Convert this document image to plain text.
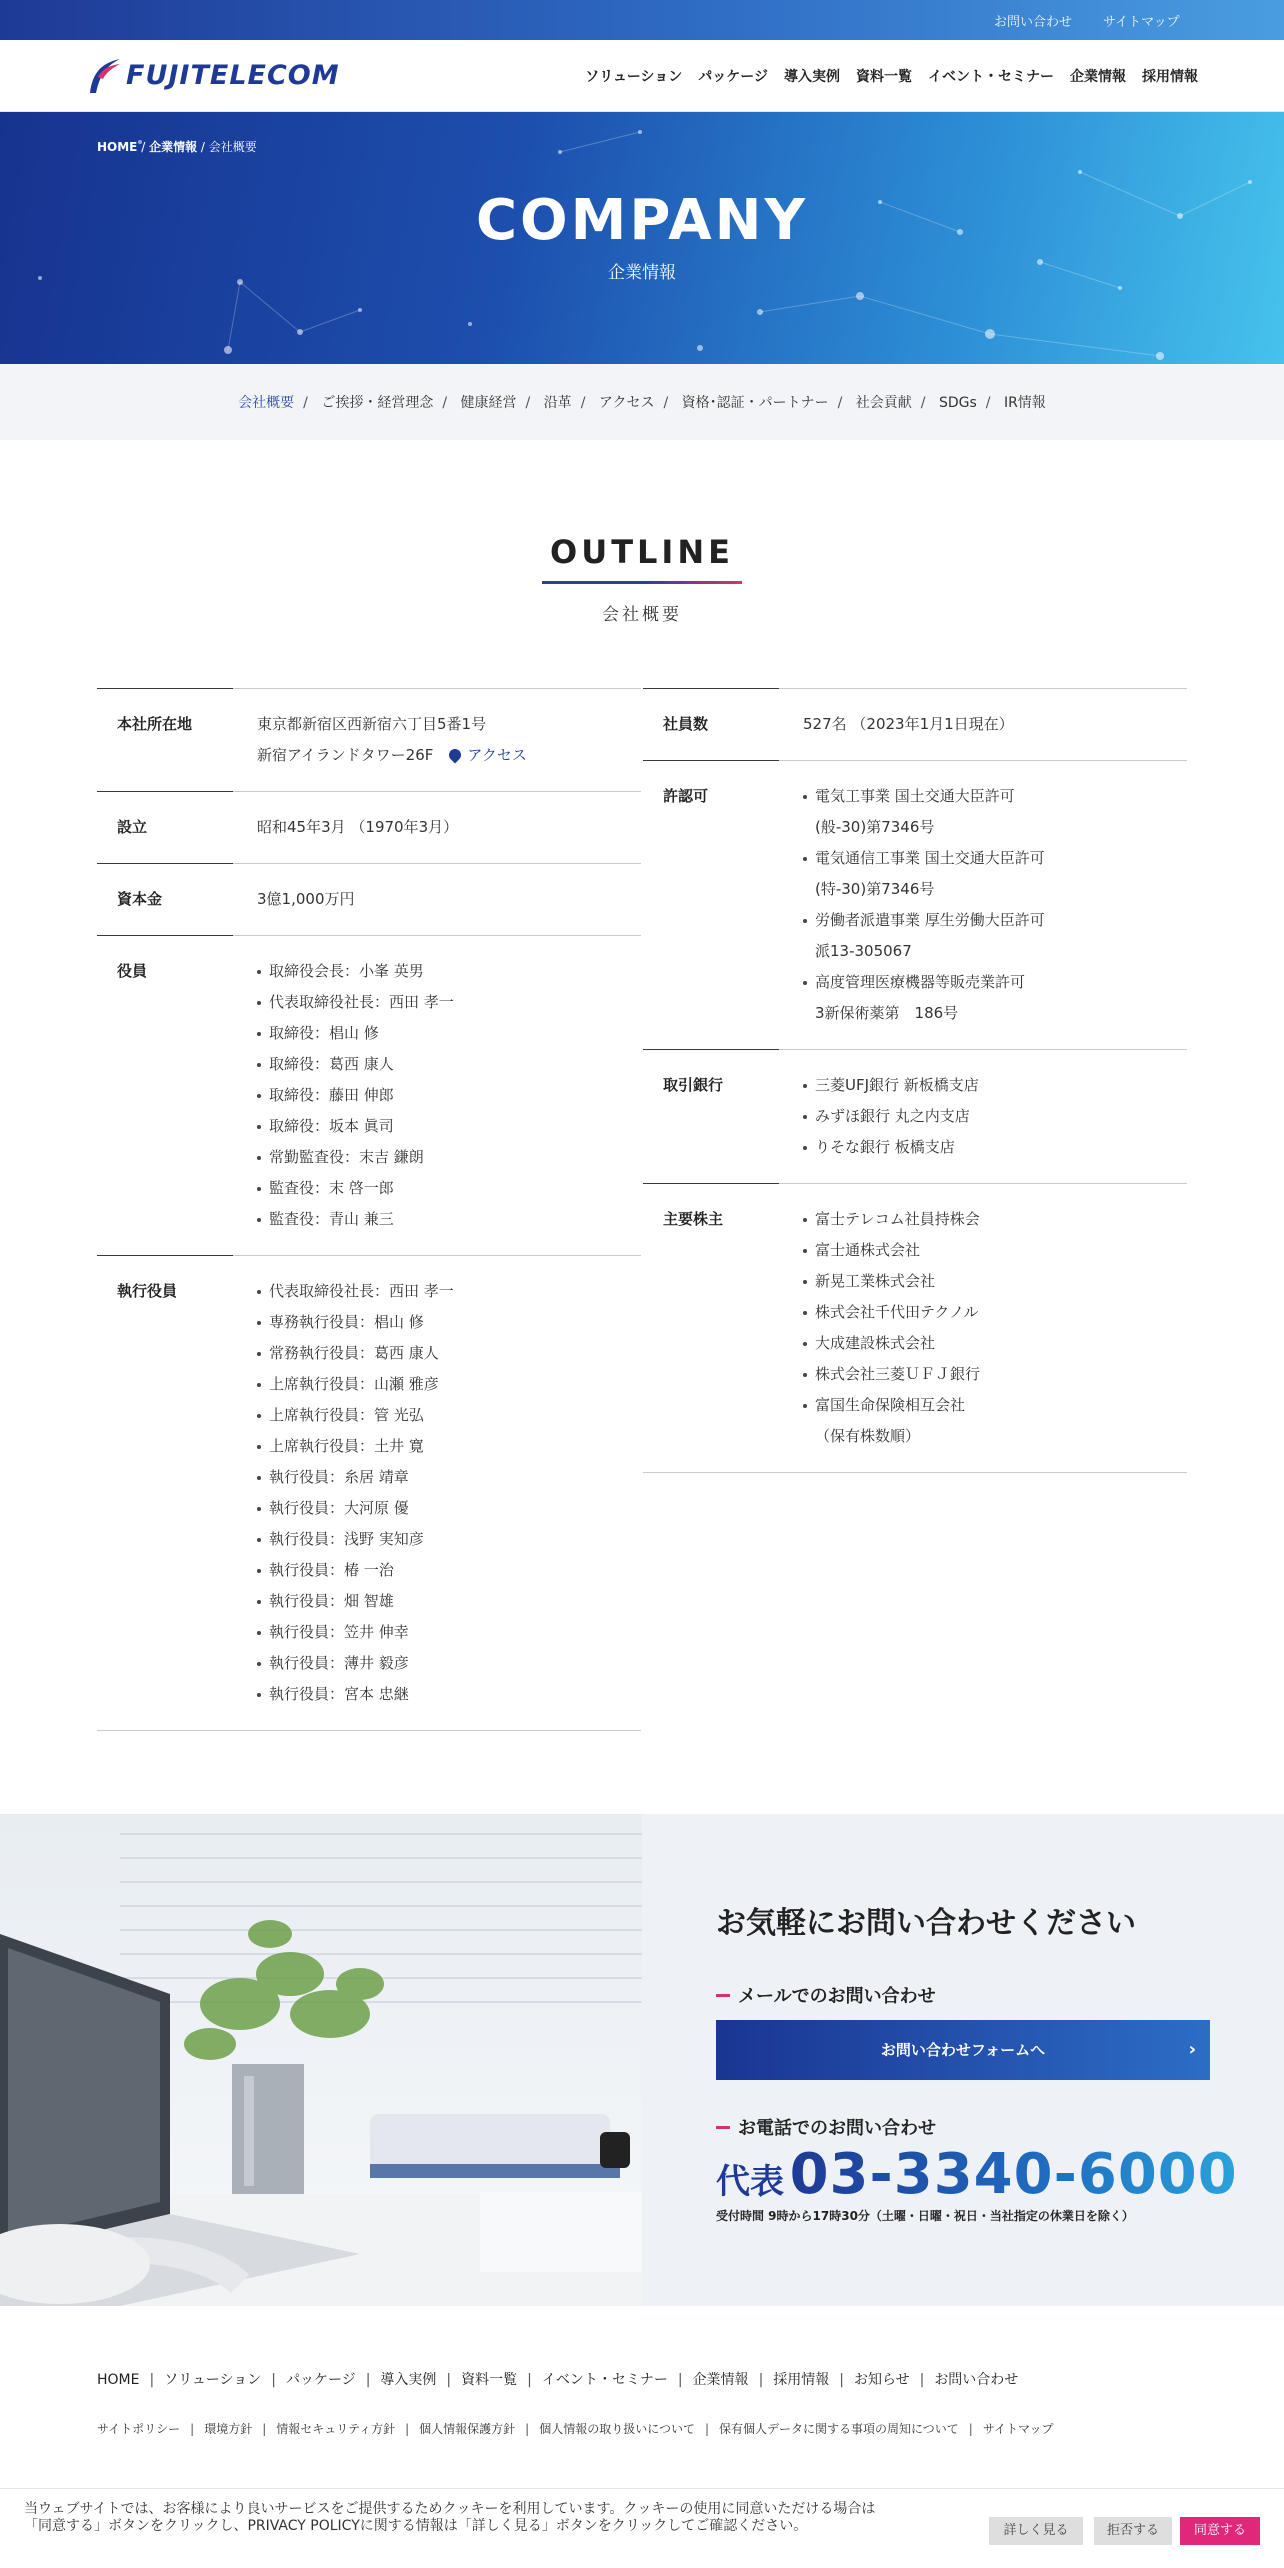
お問い合わせ サイトマップ
FUJITELECOM	ソリューション パッケージ 導入実例 資料一覧 イベント・セミナー 企業情報 採用情報
HOME / 企業情報 / 会社概要
COMPANY
企業情報
会社概要 / ご挨拶・経営理念 / 健康経営 / 沿革 / アクセス / 資格･認証・パートナー / 社会貢献 / SDGs / IR情報
OUTLINE
会社概要
本社所在地	東京都新宿区西新宿六丁目5番1号
新宿アイランドタワー26F アクセス
設立	昭和45年3月 （1970年3月）
資本金	3億1,000万円
役員	取締役会長：小峯 英男
代表取締役社長：西田 孝一
取締役：椙山 修
取締役：葛西 康人
取締役：藤田 伸郎
取締役：坂本 眞司
常勤監査役：末吉 鎌朗
監査役：末 啓一郎
監査役：青山 兼三
執行役員	代表取締役社長：西田 孝一
専務執行役員：椙山 修
常務執行役員：葛西 康人
上席執行役員：山瀬 雅彦
上席執行役員：管 光弘
上席執行役員：土井 寛
執行役員：糸居 靖章
執行役員：大河原 優
執行役員：浅野 実知彦
執行役員：椿 一治
執行役員：畑 智雄
執行役員：笠井 伸幸
執行役員：薄井 毅彦
執行役員：宮本 忠継
社員数	527名 （2023年1月1日現在）
許認可	電気工事業 国土交通大臣許可
(般-30)第7346号
電気通信工事業 国土交通大臣許可
(特-30)第7346号
労働者派遣事業 厚生労働大臣許可
派13-305067
高度管理医療機器等販売業許可
3新保術薬第　186号
取引銀行	三菱UFJ銀行 新板橋支店
みずほ銀行 丸之内支店
りそな銀行 板橋支店
主要株主	富士テレコム社員持株会
富士通株式会社
新晃工業株式会社
株式会社千代田テクノル
大成建設株式会社
株式会社三菱ＵＦＪ銀行
富国生命保険相互会社
（保有株数順）
お気軽にお問い合わせください
メールでのお問い合わせ
お問い合わせフォームへ	›
お電話でのお問い合わせ
代表 03-3340-6000
受付時間 9時から17時30分（土曜・日曜・祝日・当社指定の休業日を除く）
HOME | ソリューション | パッケージ | 導入実例 | 資料一覧 | イベント・セミナー | 企業情報 | 採用情報 | お知らせ | お問い合わせ
サイトポリシー | 環境方針 | 情報セキュリティ方針 | 個人情報保護方針 | 個人情報の取り扱いについて | 保有個人データに関する事項の周知について | サイトマップ
当ウェブサイトでは、お客様により良いサービスをご提供するためクッキーを利用しています。クッキーの使用に同意いただける場合は「同意する」ボタンをクリックし、PRIVACY POLICYに関する情報は「詳しく見る」ボタンをクリックしてご確認ください。	詳しく見る	拒否する	同意する
